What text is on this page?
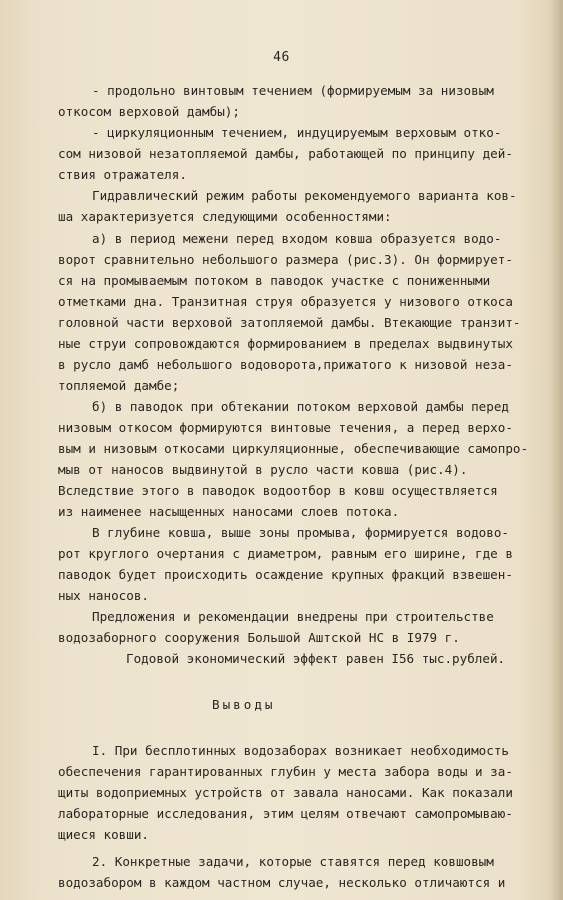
46
- продольно винтовым течением (формируемым за низовым
откосом верховой дамбы);
- циркуляционным течением, индуцируемым верховым отко-
сом низовой незатопляемой дамбы, работающей по принципу дей-
ствия отражателя.
Гидравлический режим работы рекомендуемого варианта ков-
ша характеризуется следующими особенностями:
а) в период межени перед входом ковша образуется водо-
ворот сравнительно небольшого размера (рис.3). Он формирует-
ся на промываемым потоком в паводок участке с пониженными
отметками дна. Транзитная струя образуется у низового откоса
головной части верховой затопляемой дамбы. Втекающие транзит-
ные струи сопровождаются формированием в пределах выдвинутых
в русло дамб небольшого водоворота,прижатого к низовой неза-
топляемой дамбе;
б) в паводок при обтекании потоком верховой дамбы перед
низовым откосом формируются винтовые течения, а перед верхо-
вым и низовым откосами циркуляционные, обеспечивающие самопро-
мыв от наносов выдвинутой в русло части ковша (рис.4).
Вследствие этого в паводок водоотбор в ковш осуществляется
из наименее насыщенных наносами слоев потока.
В глубине ковша, выше зоны промыва, формируется водово-
рот круглого очертания с диаметром, равным его ширине, где в
паводок будет происходить осаждение крупных фракций взвешен-
ных наносов.
Предложения и рекомендации внедрены при строительстве
водозаборного сооружения Большой Аштской НС в I979 г.
Годовой экономический эффект равен I56 тыс.рублей.
Выводы
I. При бесплотинных водозаборах возникает необходимость
обеспечения гарантированных глубин у места забора воды и за-
щиты водоприемных устройств от завала наносами. Как показали
лабораторные исследования, этим целям отвечают самопромываю-
щиеся ковши.
2. Конкретные задачи, которые ставятся перед ковшовым
водозабором в каждом частном случае, несколько отличаются и
